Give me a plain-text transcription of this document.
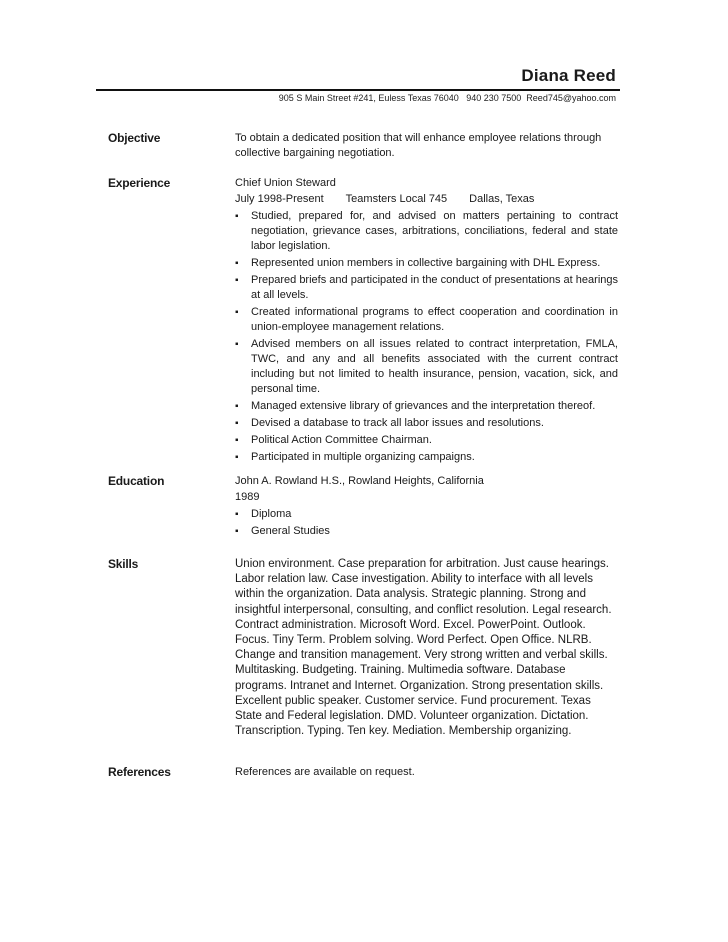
Diana Reed
905 S Main Street #241, Euless Texas 76040   940 230 7500  Reed745@yahoo.com
Objective	To obtain a dedicated position that will enhance employee relations through collective bargaining negotiation.
Experience	Chief Union Steward
July 1998-Present Teamsters Local 745 Dallas, Texas
▪ Studied, prepared for, and advised on matters pertaining to contract negotiation, grievance cases, arbitrations, conciliations, federal and state labor legislation.
▪ Represented union members in collective bargaining with DHL Express.
▪ Prepared briefs and participated in the conduct of presentations at hearings at all levels.
▪ Created informational programs to effect cooperation and coordination in union-employee management relations.
▪ Advised members on all issues related to contract interpretation, FMLA, TWC, and any and all benefits associated with the current contract including but not limited to health insurance, pension, vacation, sick, and personal time.
▪ Managed extensive library of grievances and the interpretation thereof.
▪ Devised a database to track all labor issues and resolutions.
▪ Political Action Committee Chairman.
▪ Participated in multiple organizing campaigns.
Education	John A. Rowland H.S., Rowland Heights, California
1989
▪ Diploma
▪ General Studies
Skills	Union environment. Case preparation for arbitration. Just cause hearings. Labor relation law. Case investigation. Ability to interface with all levels within the organization. Data analysis. Strategic planning. Strong and insightful interpersonal, consulting, and conflict resolution. Legal research. Contract administration. Microsoft Word. Excel. PowerPoint. Outlook. Focus. Tiny Term. Problem solving. Word Perfect. Open Office. NLRB. Change and transition management. Very strong written and verbal skills. Multitasking. Budgeting. Training. Multimedia software. Database programs. Intranet and Internet. Organization. Strong presentation skills. Excellent public speaker. Customer service. Fund procurement. Texas State and Federal legislation. DMD. Volunteer organization. Dictation. Transcription. Typing. Ten key. Mediation. Membership organizing.
References	References are available on request.
